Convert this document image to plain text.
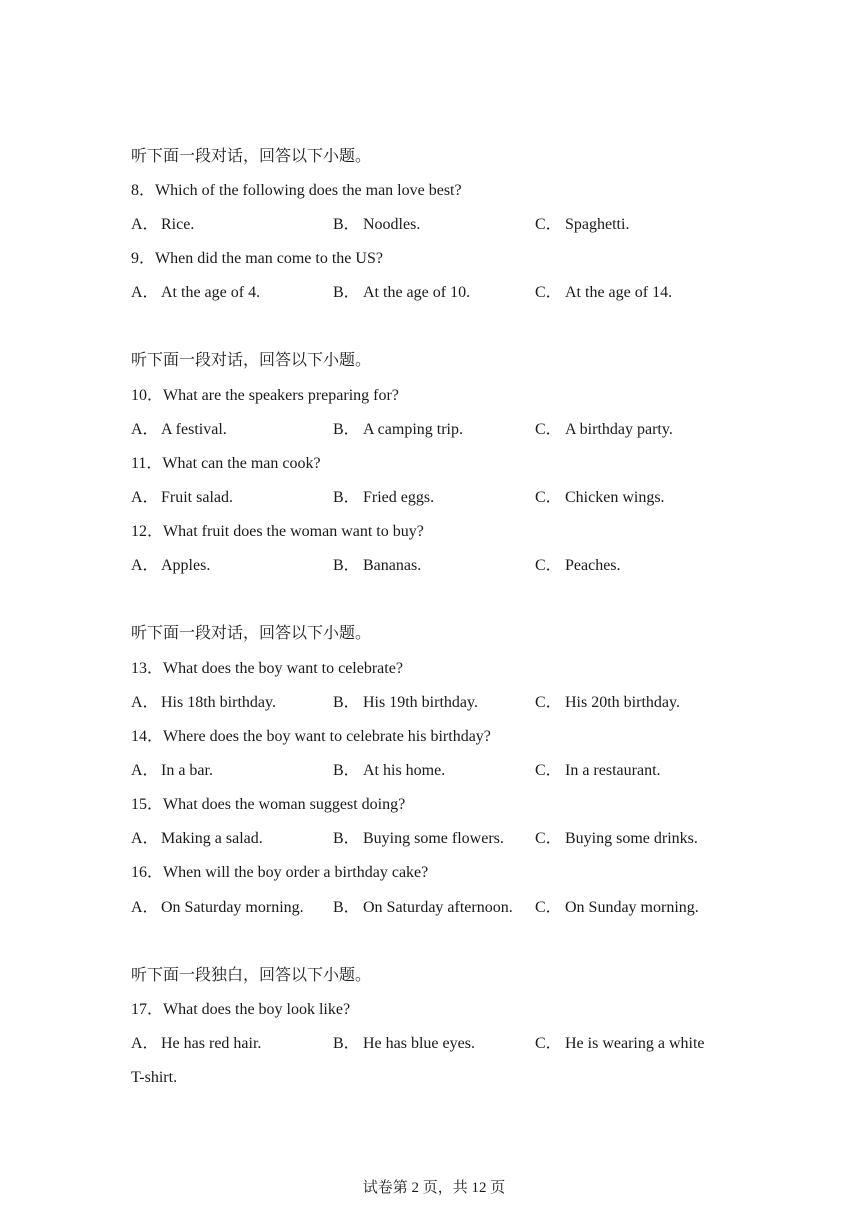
听下面一段对话，回答以下小题。
8．Which of the following does the man love best?
A． Rice.	B． Noodles.	C． Spaghetti.
9．When did the man come to the US?
A． At the age of 4.	B． At the age of 10.	C． At the age of 14.
听下面一段对话，回答以下小题。
10．What are the speakers preparing for?
A． A festival.	B． A camping trip.	C． A birthday party.
11．What can the man cook?
A． Fruit salad.	B． Fried eggs.	C． Chicken wings.
12．What fruit does the woman want to buy?
A． Apples.	B． Bananas.	C． Peaches.
听下面一段对话，回答以下小题。
13．What does the boy want to celebrate?
A． His 18th birthday.	B． His 19th birthday.	C． His 20th birthday.
14．Where does the boy want to celebrate his birthday?
A． In a bar.	B． At his home.	C． In a restaurant.
15．What does the woman suggest doing?
A． Making a salad.	B． Buying some flowers. C． Buying some drinks.
16．When will the boy order a birthday cake?
A． On Saturday morning. B． On Saturday afternoon. C． On Sunday morning.
听下面一段独白，回答以下小题。
17．What does the boy look like?
A． He has red hair.	B． He has blue eyes.	C． He is wearing a white
T-shirt.
试卷第 2 页，共 12 页
